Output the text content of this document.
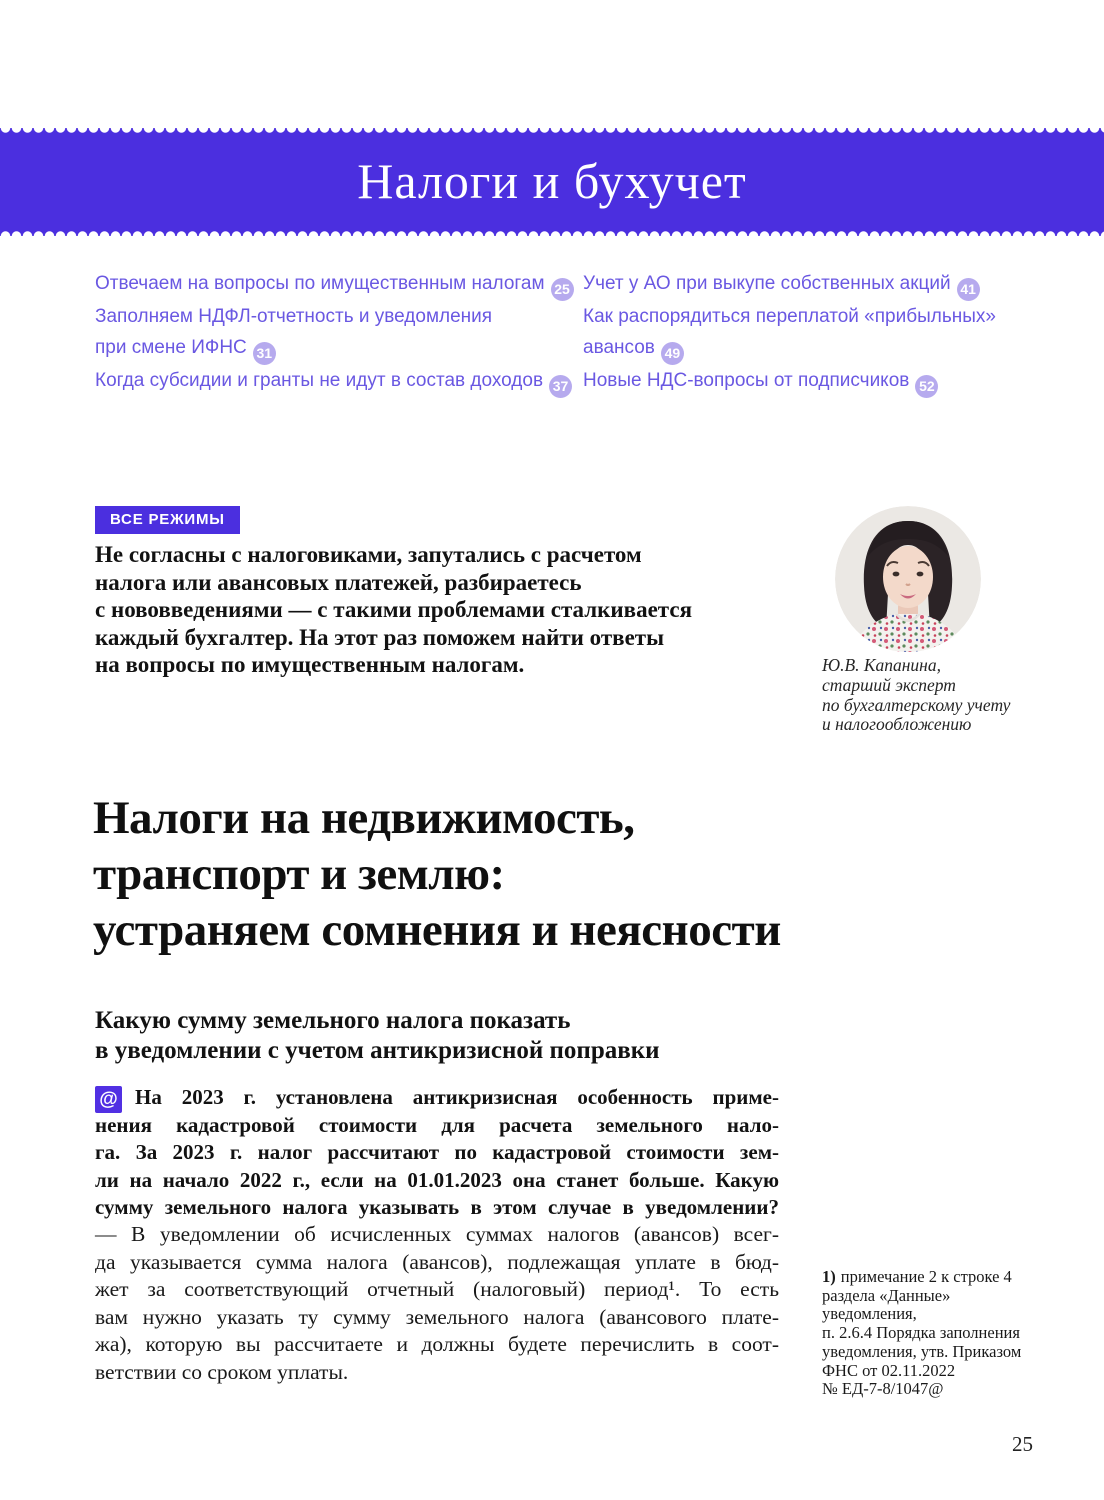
Налоги и бухучет
Отвечаем на вопросы по имущественным налогам 25
Заполняем НДФЛ-отчетность и уведомления
при смене ИФНС 31
Когда субсидии и гранты не идут в состав доходов 37
Учет у АО при выкупе собственных акций 41
Как распорядиться переплатой «прибыльных»
авансов 49
Новые НДС-вопросы от подписчиков 52
ВСЕ РЕЖИМЫ
Не согласны с налоговиками, запутались с расчетом
налога или авансовых платежей, разбираетесь
с нововведениями — с такими проблемами сталкивается
каждый бухгалтер. На этот раз поможем найти ответы
на вопросы по имущественным налогам.	Ю.В. Капанина,
старший эксперт
по бухгалтерскому учету
и налогообложению
Налоги на недвижимость,
транспорт и землю:
устраняем сомнения и неясности
Какую сумму земельного налога показать
в уведомлении с учетом антикризисной поправки
@ На 2023 г. установлена антикризисная особенность приме-
нения кадастровой стоимости для расчета земельного нало-
га. За 2023 г. налог рассчитают по кадастровой стоимости зем-
ли на начало 2022 г., если на 01.01.2023 она станет больше. Какую
сумму земельного налога указывать в этом случае в уведомлении?
— В уведомлении об исчисленных суммах налогов (авансов) всег-
да указывается сумма налога (авансов), подлежащая уплате в бюд-
жет за соответствующий отчетный (налоговый) период¹. То есть
вам нужно указать ту сумму земельного налога (авансового плате-
жа), которую вы рассчитаете и должны будете перечислить в соот-
ветствии со сроком уплаты.
1) примечание 2 к строке 4
раздела «Данные» уведомления,
п. 2.6.4 Порядка заполнения
уведомления, утв. Приказом
ФНС от 02.11.2022
№ ЕД-7-8/1047@
25
